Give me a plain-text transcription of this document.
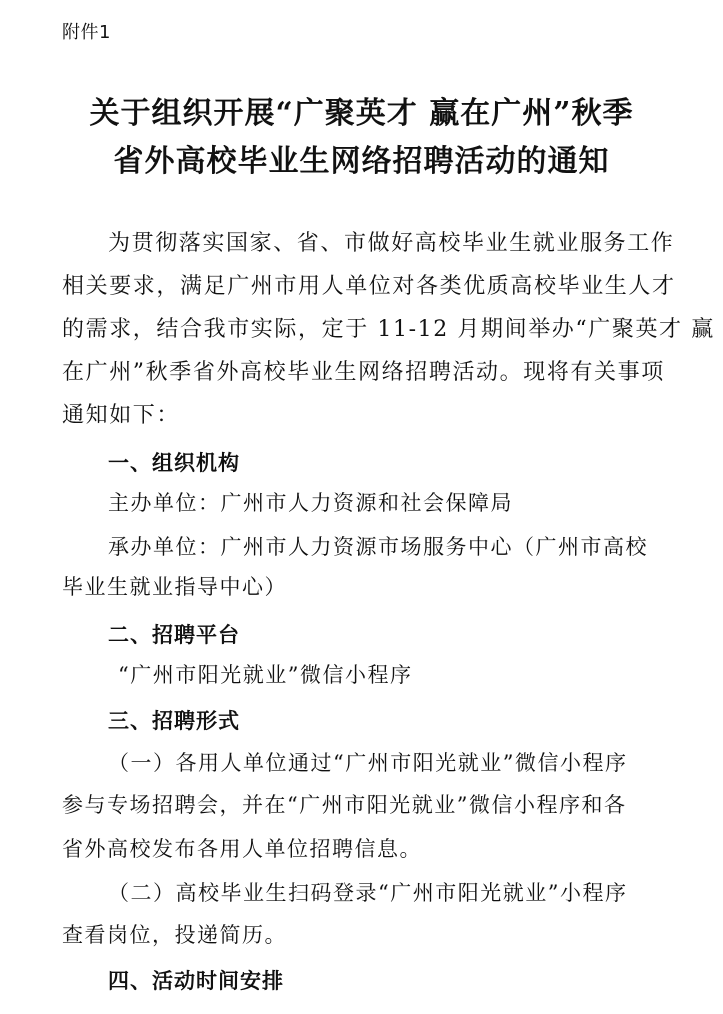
附件1
关于组织开展“广聚英才 赢在广州”秋季
省外高校毕业生网络招聘活动的通知
为贯彻落实国家、省、市做好高校毕业生就业服务工作
相关要求，满足广州市用人单位对各类优质高校毕业生人才
的需求，结合我市实际，定于 11-12 月期间举办“广聚英才 赢
在广州”秋季省外高校毕业生网络招聘活动。现将有关事项
通知如下：
一、组织机构
主办单位：广州市人力资源和社会保障局
承办单位：广州市人力资源市场服务中心（广州市高校
毕业生就业指导中心）
二、招聘平台
“广州市阳光就业”微信小程序
三、招聘形式
（一）各用人单位通过“广州市阳光就业”微信小程序
参与专场招聘会，并在“广州市阳光就业”微信小程序和各
省外高校发布各用人单位招聘信息。
（二）高校毕业生扫码登录“广州市阳光就业”小程序
查看岗位，投递简历。
四、活动时间安排
